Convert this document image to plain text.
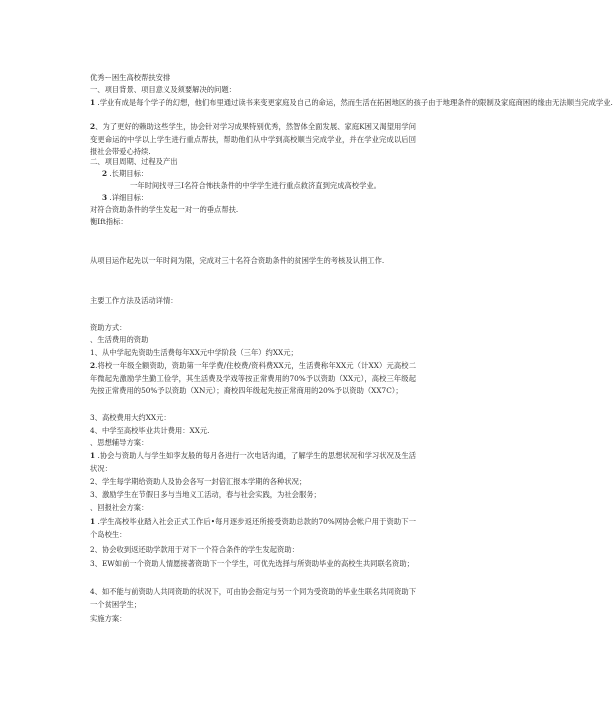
优秀ー困生高校帮扶安排
一、项目背景、项目意义及须要解决的问题：
1 .学业有成是每个学子的幻想，他们布里通过读书来变更家庭及自己的命运，然而生活在拓困地区的孩子由于地理条件的限制及家庭商困的缘由无法顺当完成学业.
2、为了更好的赖助这些学生，协会针对学习成果特别优秀，然智体全面发展、家庭K困又渴望用学问变更命运的中学以上学生进行重点帮扶，帮助他们从中学到高校顺当完成学业，并在学业完成以后回报社会带爱心持续.
二、项目周期、过程及产出
2 .长期目标：
一年时间找寻三I名符合怖扶条件的中学学生进行重点救济直到完成高校学业。
3 .详细目标：
对符合资助条件的学生发起一对一的垂点帮扶.
衡Ift指标：
从项目运作起先以一年时间为限，完成对三十名符合资助条件的贫困学生的考核及认捐工作.
主要工作方法及活动详情：
资助方式：
、生活费用的资助
1、从中学起先资助生活费每年XX元中学阶段（三年）约XX元；
2.将校一年级全额资助，资助第一年学费/住校费/资科费XX元，生活费称年XX元（计XX）元高校二年微起先激励学生勤工俭学，其生活费及学戏等按正常费用的70%予以资助（XX元），高校三年级起先按正常费用的50%予以资助（XN元）；裔校四年级起先按正常商用的20%予以资助（XX7C）；
3、高校费用大约XX元：
4、中学至高校毕业共计费用：XX元.
、思想辅导方案：
1 .协会与资助人与学生如孪友般的每月各进行一次电话沟通，了解学生的思想状况和学习状况及生活状况：
2、学生每学期给资助人及协会各写一封倍汇报本学期的各种状况；
3、激励学生在节假日多与当地义工活动，春与社会实践，为社会服务；
、回报社会方案：
1 .学生高校毕业踏入社会正式工作后•每月逐步返还所接受资助总款的70%网协会帐户用于资助下一个岛校生：
2、协会收到返还助学款用于对下一个符合条件的学生发起资助：
3、EW如前一个资助人情愿接著资助下一个学生，可优先选择与所资助毕业的高校生共同联名资助；
4、如不能与前资助人共同资助的状况下，可由协会指定与另一个同为受资助的毕业生联名共同资助下一个贫困学生；
实施方案：
